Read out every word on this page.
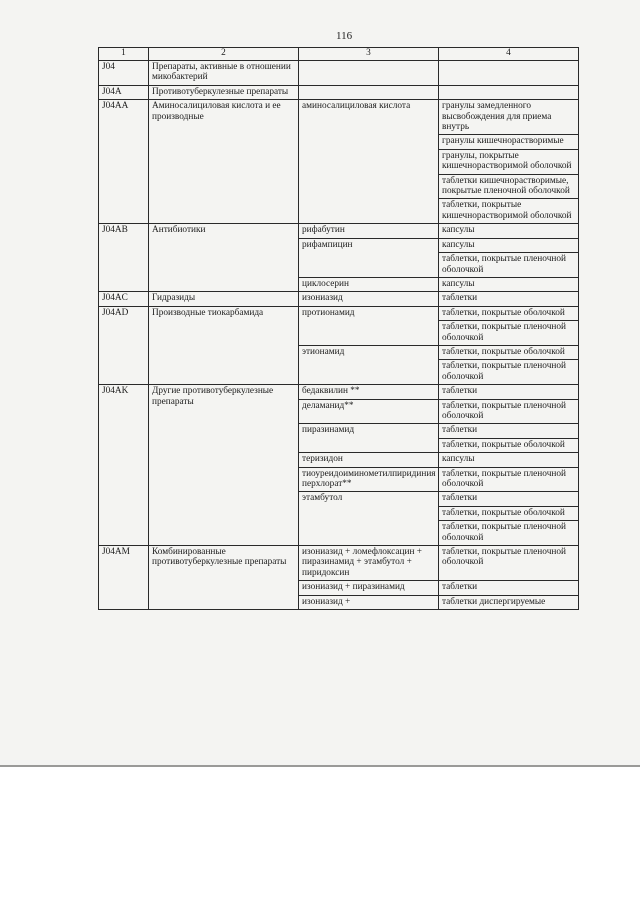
116
1	2	3	4
J04	Препараты, активные в отношении микобактерий		
J04A	Противотуберкулезные препараты		
J04AA	Аминосалициловая кислота и ее производные	аминосалициловая кислота	гранулы замедленного высвобождения для приема внутрь
			гранулы кишечнорастворимые
			гранулы, покрытые кишечнорастворимой оболочкой
			таблетки кишечнорастворимые, покрытые пленочной оболочкой
			таблетки, покрытые кишечнорастворимой оболочкой
J04AB	Антибиотики	рифабутин	капсулы
		рифампицин	капсулы
			таблетки, покрытые пленочной оболочкой
		циклосерин	капсулы
J04AC	Гидразиды	изониазид	таблетки
J04AD	Производные тиокарбамида	протионамид	таблетки, покрытые оболочкой
			таблетки, покрытые пленочной оболочкой
		этионамид	таблетки, покрытые оболочкой
			таблетки, покрытые пленочной оболочкой
J04AK	Другие противотуберкулезные препараты	бедаквилин **	таблетки
		деламанид**	таблетки, покрытые пленочной оболочкой
		пиразинамид	таблетки
			таблетки, покрытые оболочкой
		теризидон	капсулы
		тиоуреидоиминометилпиридиния перхлорат**	таблетки, покрытые пленочной оболочкой
		этамбутол	таблетки
			таблетки, покрытые оболочкой
			таблетки, покрытые пленочной оболочкой
J04AM	Комбинированные противотуберкулезные препараты	изониазид + ломефлоксацин + пиразинамид + этамбутол + пиридоксин	таблетки, покрытые пленочной оболочкой
		изониазид + пиразинамид	таблетки
		изониазид +	таблетки диспергируемые
